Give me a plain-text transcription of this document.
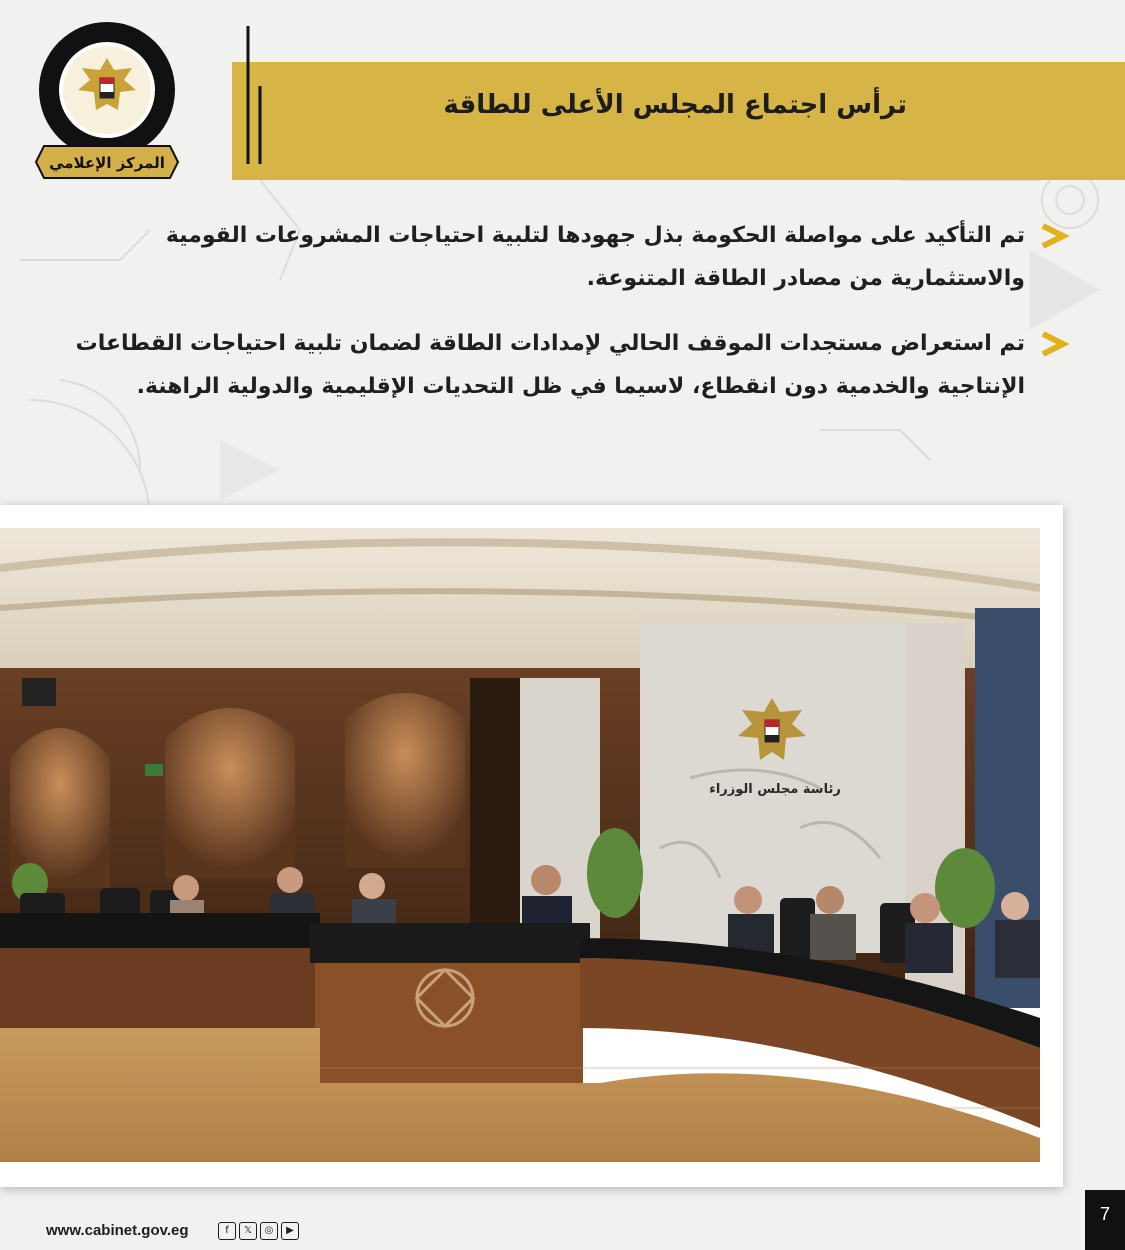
المركز الإعلامي
ترأس اجتماع المجلس الأعلى للطاقة
تم التأكيد على مواصلة الحكومة بذل جهودها لتلبية احتياجات المشروعات القومية والاستثمارية من مصادر الطاقة المتنوعة.
تم استعراض مستجدات الموقف الحالي لإمدادات الطاقة لضمان تلبية احتياجات القطاعات الإنتاجية والخدمية دون انقطاع، لاسيما في ظل التحديات الإقليمية والدولية الراهنة.
رئاسة مجلس الوزراء
www.cabinet.gov.eg	f	𝕏	◎	▶
7
